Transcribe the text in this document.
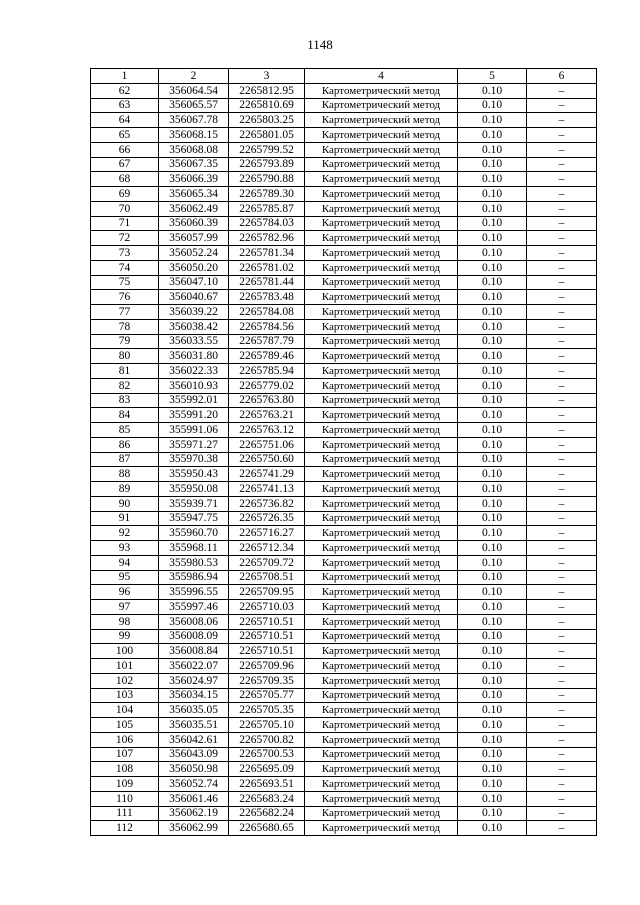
1148
1	2	3	4	5	6
62	356064.54	2265812.95	Картометрический метод	0.10	–
63	356065.57	2265810.69	Картометрический метод	0.10	–
64	356067.78	2265803.25	Картометрический метод	0.10	–
65	356068.15	2265801.05	Картометрический метод	0.10	–
66	356068.08	2265799.52	Картометрический метод	0.10	–
67	356067.35	2265793.89	Картометрический метод	0.10	–
68	356066.39	2265790.88	Картометрический метод	0.10	–
69	356065.34	2265789.30	Картометрический метод	0.10	–
70	356062.49	2265785.87	Картометрический метод	0.10	–
71	356060.39	2265784.03	Картометрический метод	0.10	–
72	356057.99	2265782.96	Картометрический метод	0.10	–
73	356052.24	2265781.34	Картометрический метод	0.10	–
74	356050.20	2265781.02	Картометрический метод	0.10	–
75	356047.10	2265781.44	Картометрический метод	0.10	–
76	356040.67	2265783.48	Картометрический метод	0.10	–
77	356039.22	2265784.08	Картометрический метод	0.10	–
78	356038.42	2265784.56	Картометрический метод	0.10	–
79	356033.55	2265787.79	Картометрический метод	0.10	–
80	356031.80	2265789.46	Картометрический метод	0.10	–
81	356022.33	2265785.94	Картометрический метод	0.10	–
82	356010.93	2265779.02	Картометрический метод	0.10	–
83	355992.01	2265763.80	Картометрический метод	0.10	–
84	355991.20	2265763.21	Картометрический метод	0.10	–
85	355991.06	2265763.12	Картометрический метод	0.10	–
86	355971.27	2265751.06	Картометрический метод	0.10	–
87	355970.38	2265750.60	Картометрический метод	0.10	–
88	355950.43	2265741.29	Картометрический метод	0.10	–
89	355950.08	2265741.13	Картометрический метод	0.10	–
90	355939.71	2265736.82	Картометрический метод	0.10	–
91	355947.75	2265726.35	Картометрический метод	0.10	–
92	355960.70	2265716.27	Картометрический метод	0.10	–
93	355968.11	2265712.34	Картометрический метод	0.10	–
94	355980.53	2265709.72	Картометрический метод	0.10	–
95	355986.94	2265708.51	Картометрический метод	0.10	–
96	355996.55	2265709.95	Картометрический метод	0.10	–
97	355997.46	2265710.03	Картометрический метод	0.10	–
98	356008.06	2265710.51	Картометрический метод	0.10	–
99	356008.09	2265710.51	Картометрический метод	0.10	–
100	356008.84	2265710.51	Картометрический метод	0.10	–
101	356022.07	2265709.96	Картометрический метод	0.10	–
102	356024.97	2265709.35	Картометрический метод	0.10	–
103	356034.15	2265705.77	Картометрический метод	0.10	–
104	356035.05	2265705.35	Картометрический метод	0.10	–
105	356035.51	2265705.10	Картометрический метод	0.10	–
106	356042.61	2265700.82	Картометрический метод	0.10	–
107	356043.09	2265700.53	Картометрический метод	0.10	–
108	356050.98	2265695.09	Картометрический метод	0.10	–
109	356052.74	2265693.51	Картометрический метод	0.10	–
110	356061.46	2265683.24	Картометрический метод	0.10	–
111	356062.19	2265682.24	Картометрический метод	0.10	–
112	356062.99	2265680.65	Картометрический метод	0.10	–
